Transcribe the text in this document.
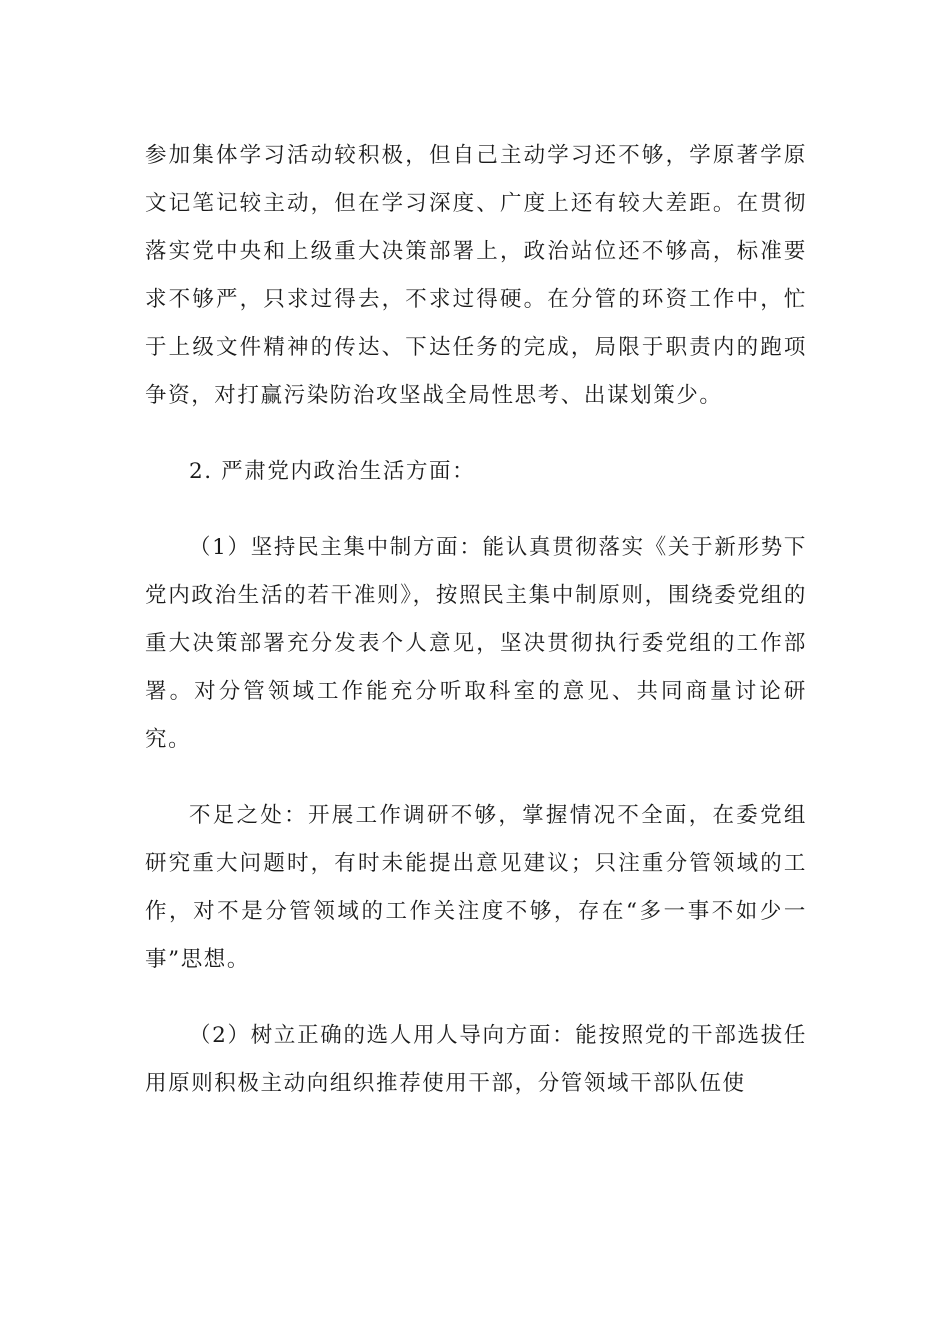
参加集体学习活动较积极，但自己主动学习还不够，学原著学原文记笔记较主动，但在学习深度、广度上还有较大差距。在贯彻落实党中央和上级重大决策部署上，政治站位还不够高，标准要求不够严，只求过得去，不求过得硬。在分管的环资工作中，忙于上级文件精神的传达、下达任务的完成，局限于职责内的跑项争资，对打赢污染防治攻坚战全局性思考、出谋划策少。

2. 严肃党内政治生活方面：

（1）坚持民主集中制方面：能认真贯彻落实《关于新形势下党内政治生活的若干准则》，按照民主集中制原则，围绕委党组的重大决策部署充分发表个人意见，坚决贯彻执行委党组的工作部署。对分管领域工作能充分听取科室的意见、共同商量讨论研究。

不足之处：开展工作调研不够，掌握情况不全面，在委党组研究重大问题时，有时未能提出意见建议；只注重分管领域的工作，对不是分管领域的工作关注度不够，存在“多一事不如少一事”思想。

（2）树立正确的选人用人导向方面：能按照党的干部选拔任用原则积极主动向组织推荐使用干部，分管领域干部队伍使
